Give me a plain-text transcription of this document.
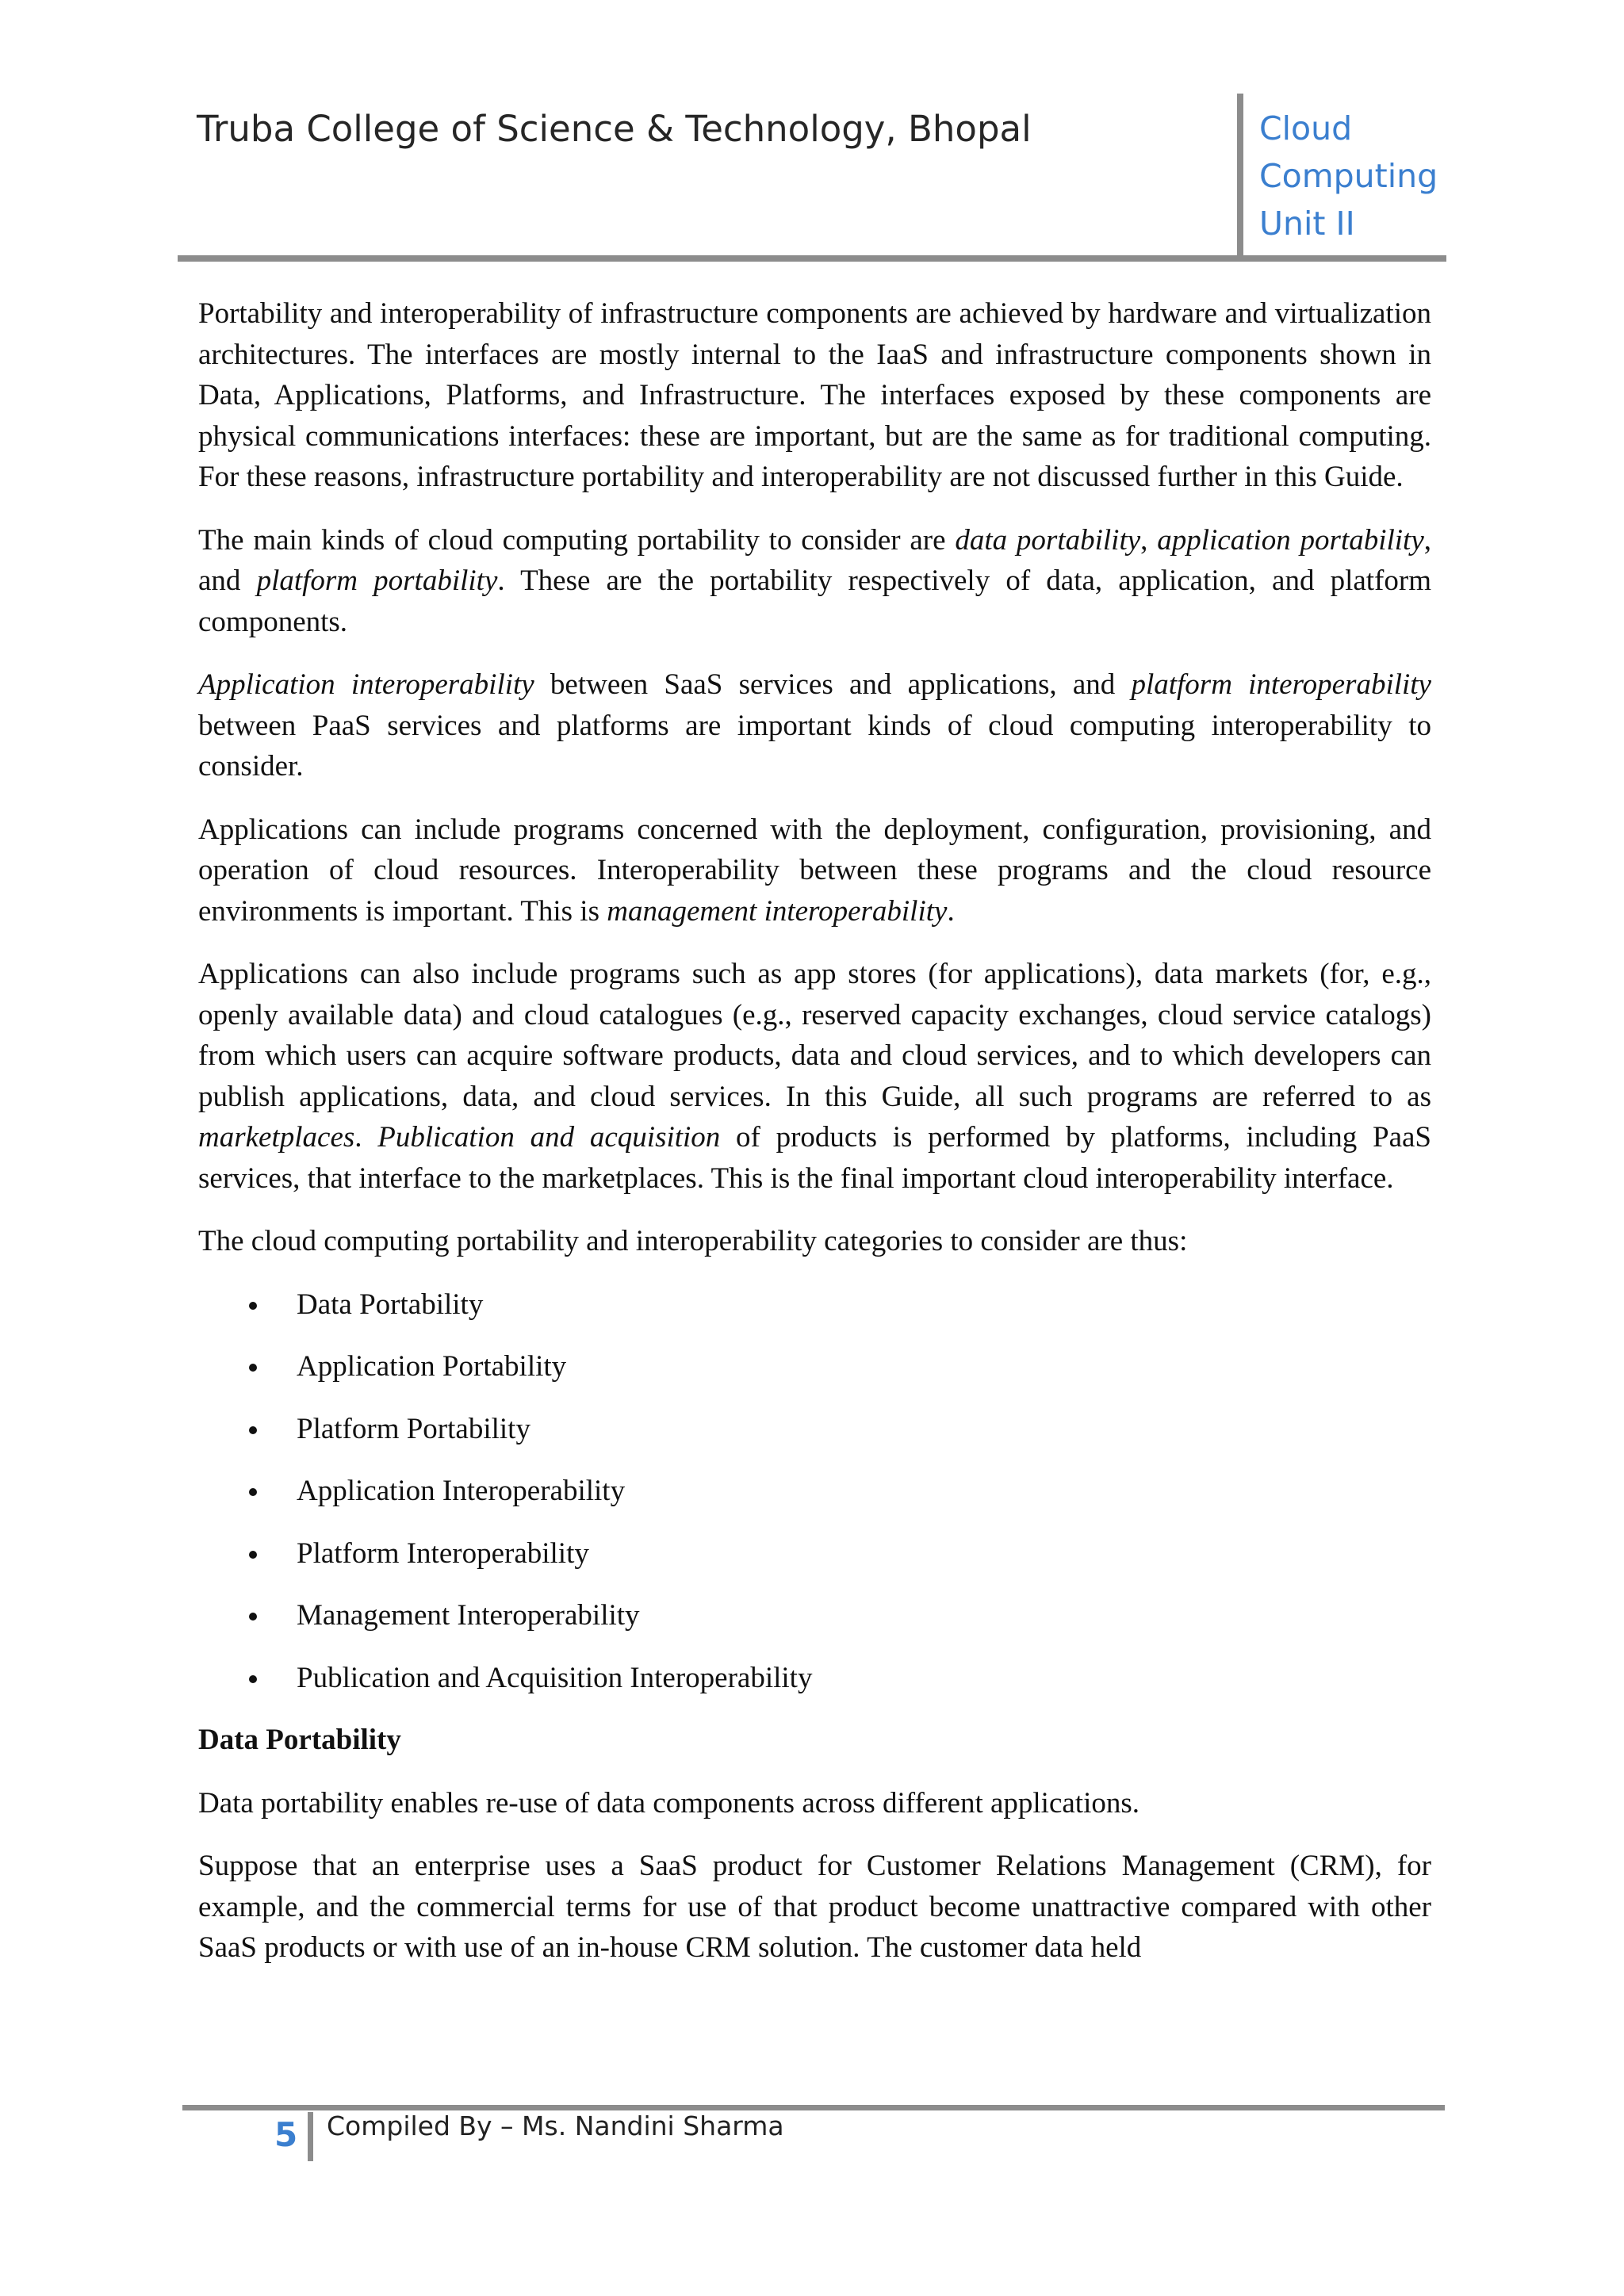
Truba College of Science & Technology, Bhopal	Cloud
Computing
Unit II

Portability and interoperability of infrastructure components are achieved by hardware and virtualization architectures. The interfaces are mostly internal to the IaaS and infrastructure components shown in Data, Applications, Platforms, and Infrastructure. The interfaces exposed by these components are physical communications interfaces: these are important, but are the same as for traditional computing. For these reasons, infrastructure portability and interoperability are not discussed further in this Guide.

The main kinds of cloud computing portability to consider are data portability, application portability, and platform portability. These are the portability respectively of data, application, and platform components.

Application interoperability between SaaS services and applications, and platform interoperability between PaaS services and platforms are important kinds of cloud computing interoperability to consider.

Applications can include programs concerned with the deployment, configuration, provisioning, and operation of cloud resources. Interoperability between these programs and the cloud resource environments is important. This is management interoperability.

Applications can also include programs such as app stores (for applications), data markets (for, e.g., openly available data) and cloud catalogues (e.g., reserved capacity exchanges, cloud service catalogs) from which users can acquire software products, data and cloud services, and to which developers can publish applications, data, and cloud services. In this Guide, all such programs are referred to as marketplaces. Publication and acquisition of products is performed by platforms, including PaaS services, that interface to the marketplaces. This is the final important cloud interoperability interface.

The cloud computing portability and interoperability categories to consider are thus:

Data Portability
Application Portability
Platform Portability
Application Interoperability
Platform Interoperability
Management Interoperability
Publication and Acquisition Interoperability
Data Portability

Data portability enables re-use of data components across different applications.

Suppose that an enterprise uses a SaaS product for Customer Relations Management (CRM), for example, and the commercial terms for use of that product become unattractive compared with other SaaS products or with use of an in-house CRM solution. The customer data held

5 Compiled By – Ms. Nandini Sharma
